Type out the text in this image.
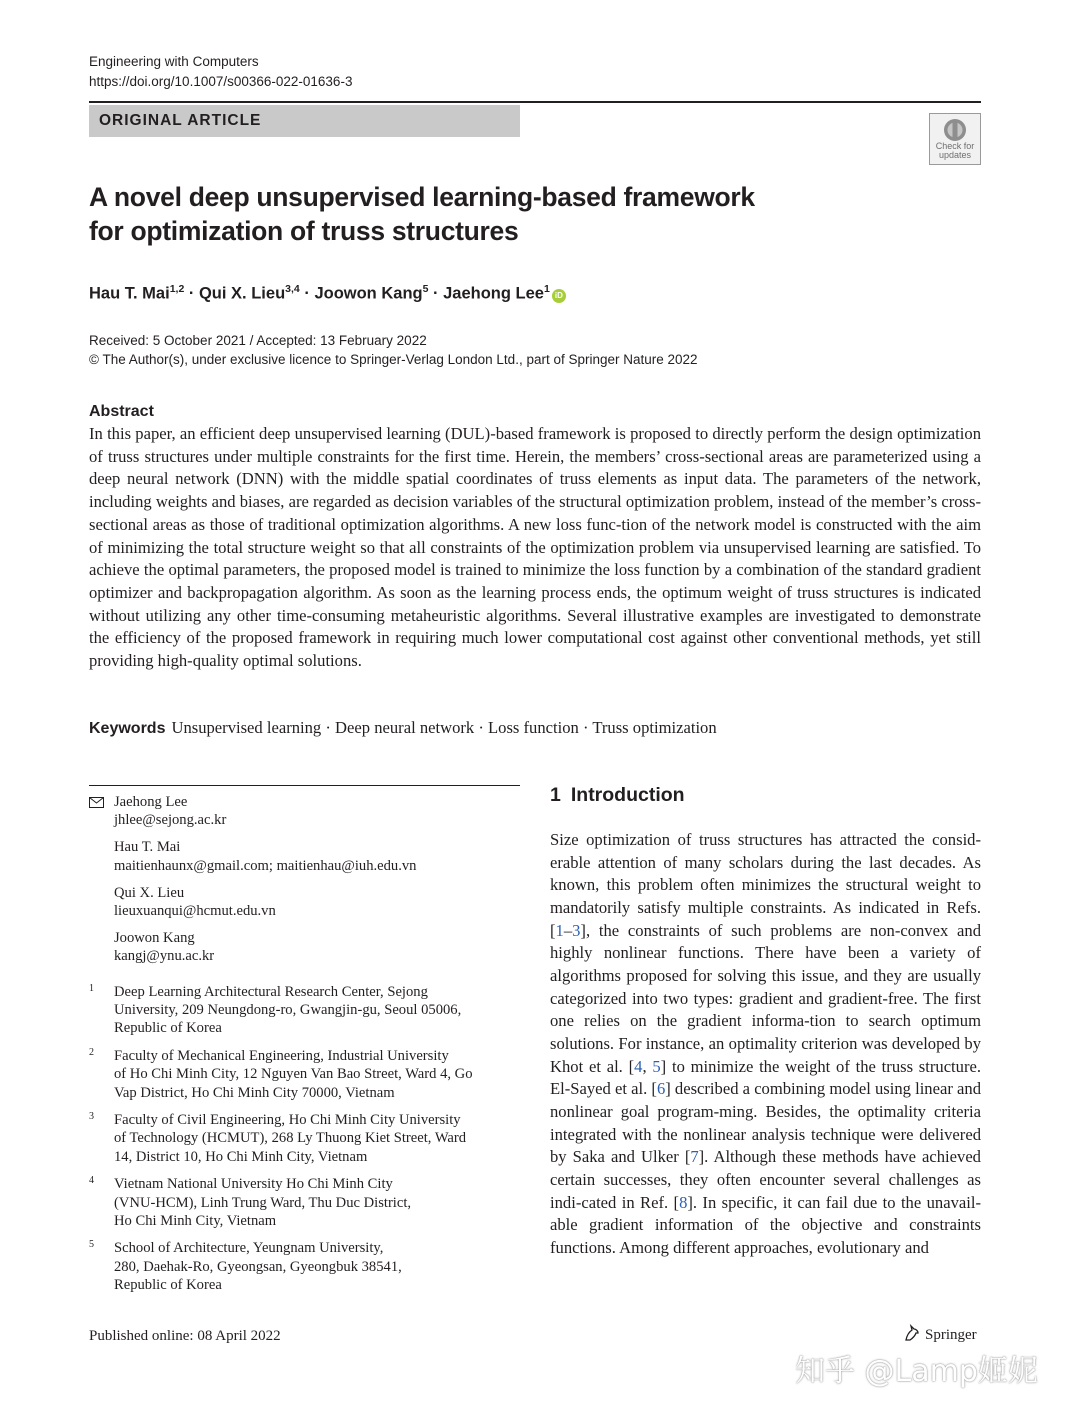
Engineering with Computers
https://doi.org/10.1007/s00366-022-01636-3
ORIGINAL ARTICLE
Check for
updates
A novel deep unsupervised learning-based framework
for optimization of truss structures
Hau T. Mai$^{1,2}$ · Qui X. Lieu$^{3,4}$ · Joowon Kang$^5$ · Jaehong Lee$^1$ iD
Received: 5 October 2021 / Accepted: 13 February 2022
© The Author(s), under exclusive licence to Springer-Verlag London Ltd., part of Springer Nature 2022
Abstract
In this paper, an efficient deep unsupervised learning (DUL)-based framework is proposed to directly perform the design optimization of truss structures under multiple constraints for the first time. Herein, the members’ cross-sectional areas are parameterized using a deep neural network (DNN) with the middle spatial coordinates of truss elements as input data. The parameters of the network, including weights and biases, are regarded as decision variables of the structural optimization problem, instead of the member’s cross-sectional areas as those of traditional optimization algorithms. A new loss func-tion of the network model is constructed with the aim of minimizing the total structure weight so that all constraints of the optimization problem via unsupervised learning are satisfied. To achieve the optimal parameters, the proposed model is trained to minimize the loss function by a combination of the standard gradient optimizer and backpropagation algorithm. As soon as the learning process ends, the optimum weight of truss structures is indicated without utilizing any other time-consuming metaheuristic algorithms. Several illustrative examples are investigated to demonstrate the efficiency of the proposed framework in requiring much lower computational cost against other conventional methods, yet still providing high-quality optimal solutions.
Keywords Unsupervised learning · Deep neural network · Loss function · Truss optimization
Jaehong Lee
jhlee@sejong.ac.kr
Hau T. Mai
maitienhaunx@gmail.com; maitienhau@iuh.edu.vn
Qui X. Lieu
lieuxuanqui@hcmut.edu.vn
Joowon Kang
kangj@ynu.ac.kr
1 Deep Learning Architectural Research Center, Sejong
University, 209 Neungdong-ro, Gwangjin-gu, Seoul 05006,
Republic of Korea
2 Faculty of Mechanical Engineering, Industrial University
of Ho Chi Minh City, 12 Nguyen Van Bao Street, Ward 4, Go
Vap District, Ho Chi Minh City 70000, Vietnam
3 Faculty of Civil Engineering, Ho Chi Minh City University
of Technology (HCMUT), 268 Ly Thuong Kiet Street, Ward
14, District 10, Ho Chi Minh City, Vietnam
4 Vietnam National University Ho Chi Minh City
(VNU-HCM), Linh Trung Ward, Thu Duc District,
Ho Chi Minh City, Vietnam
5 School of Architecture, Yeungnam University,
280, Daehak-Ro, Gyeongsan, Gyeongbuk 38541,
Republic of Korea
1 Introduction
Size optimization of truss structures has attracted the consid-erable attention of many scholars during the last decades. As known, this problem often minimizes the structural weight to mandatorily satisfy multiple constraints. As indicated in Refs. [1–3], the constraints of such problems are non-convex and highly nonlinear functions. There have been a variety of algorithms proposed for solving this issue, and they are usually categorized into two types: gradient and gradient-free. The first one relies on the gradient informa-tion to search optimum solutions. For instance, an optimality criterion was developed by Khot et al. [4, 5] to minimize the weight of the truss structure. El-Sayed et al. [6] described a combining model using linear and nonlinear goal program-ming. Besides, the optimality criteria integrated with the nonlinear analysis technique were delivered by Saka and Ulker [7]. Although these methods have achieved certain successes, they often encounter several challenges as indi-cated in Ref. [8]. In specific, it can fail due to the unavail-able gradient information of the objective and constraints functions. Among different approaches, evolutionary and
Published online: 08 April 2022	Springer
知乎 @Lamp姬妮
